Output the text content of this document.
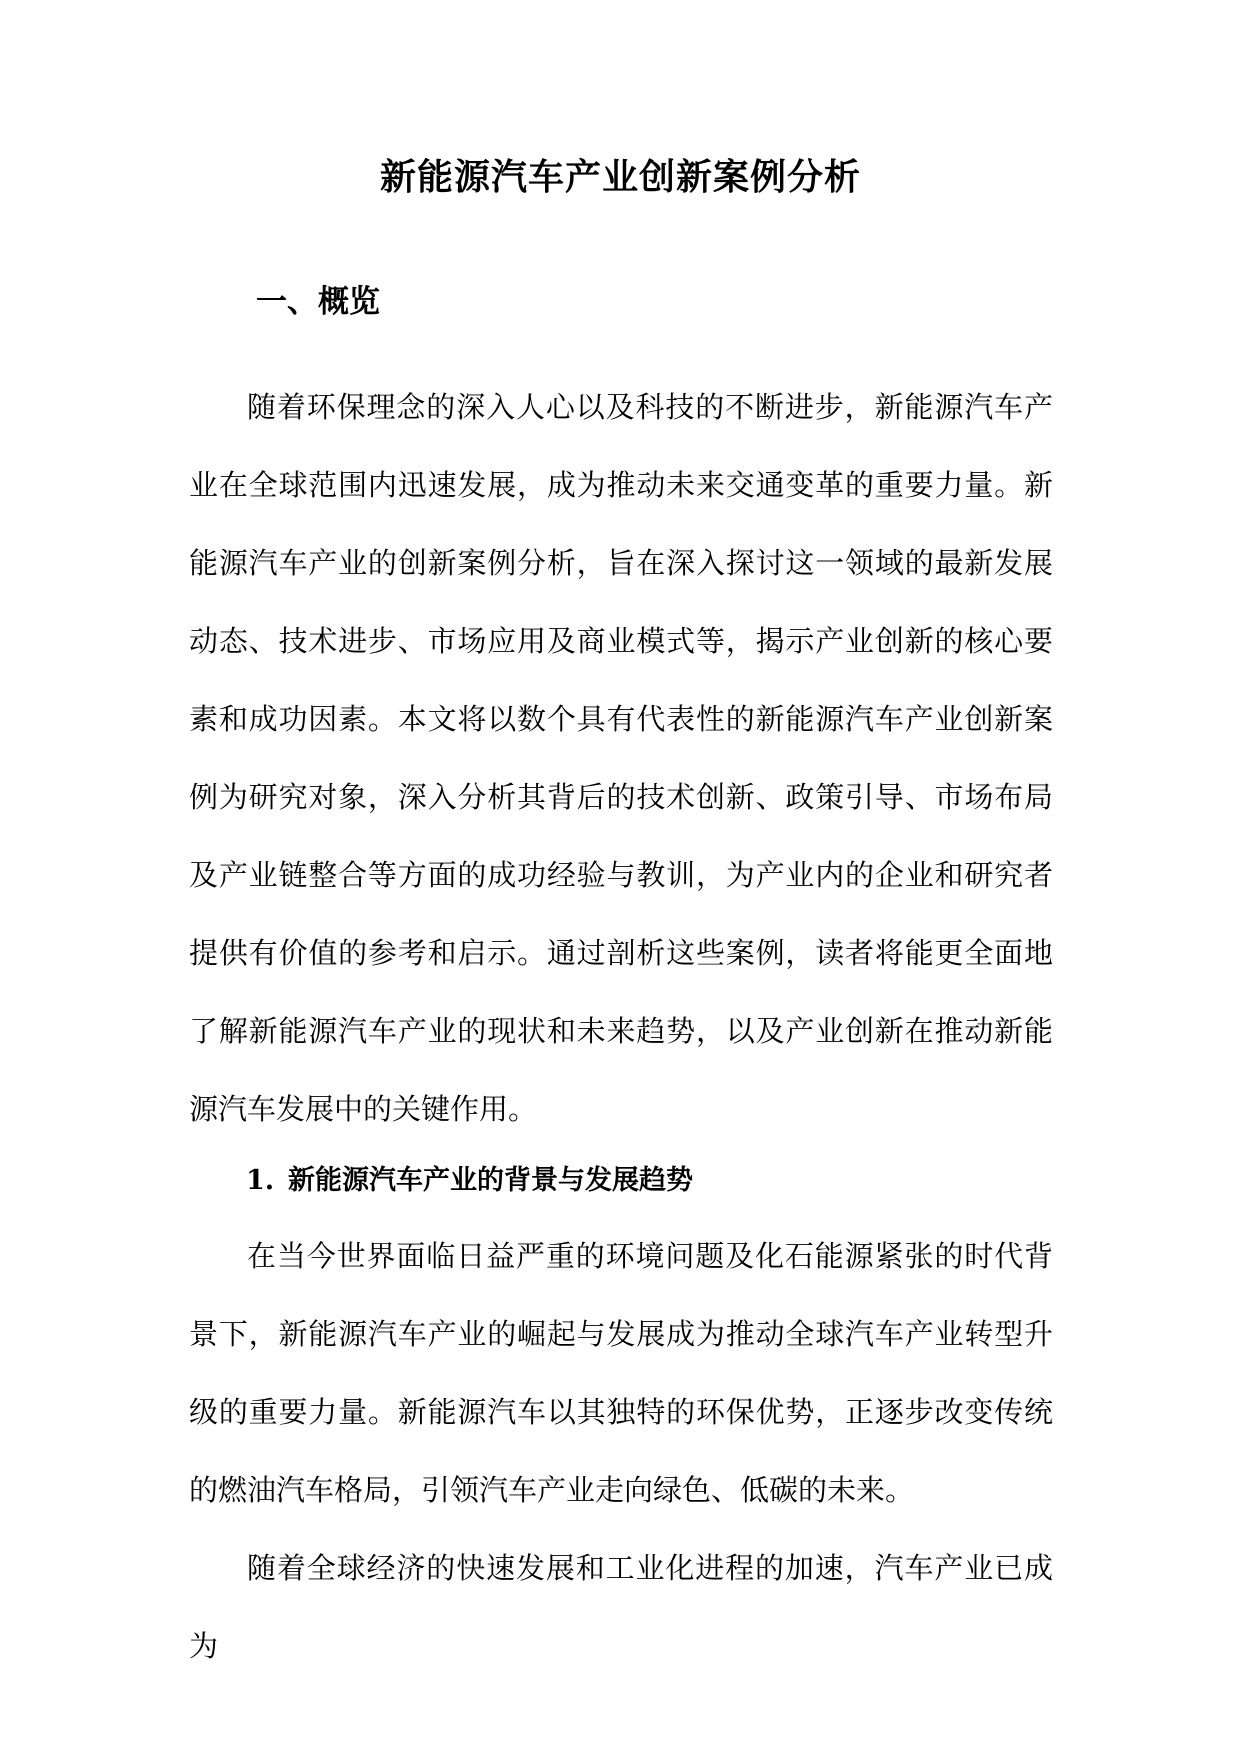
新能源汽车产业创新案例分析
一、概览

随着环保理念的深入人心以及科技的不断进步，新能源汽车产业在全球范围内迅速发展，成为推动未来交通变革的重要力量。新能源汽车产业的创新案例分析，旨在深入探讨这一领域的最新发展动态、技术进步、市场应用及商业模式等，揭示产业创新的核心要素和成功因素。本文将以数个具有代表性的新能源汽车产业创新案例为研究对象，深入分析其背后的技术创新、政策引导、市场布局及产业链整合等方面的成功经验与教训，为产业内的企业和研究者提供有价值的参考和启示。通过剖析这些案例，读者将能更全面地了解新能源汽车产业的现状和未来趋势，以及产业创新在推动新能源汽车发展中的关键作用。

1. 新能源汽车产业的背景与发展趋势

在当今世界面临日益严重的环境问题及化石能源紧张的时代背景下，新能源汽车产业的崛起与发展成为推动全球汽车产业转型升级的重要力量。新能源汽车以其独特的环保优势，正逐步改变传统的燃油汽车格局，引领汽车产业走向绿色、低碳的未来。

随着全球经济的快速发展和工业化进程的加速，汽车产业已成为
